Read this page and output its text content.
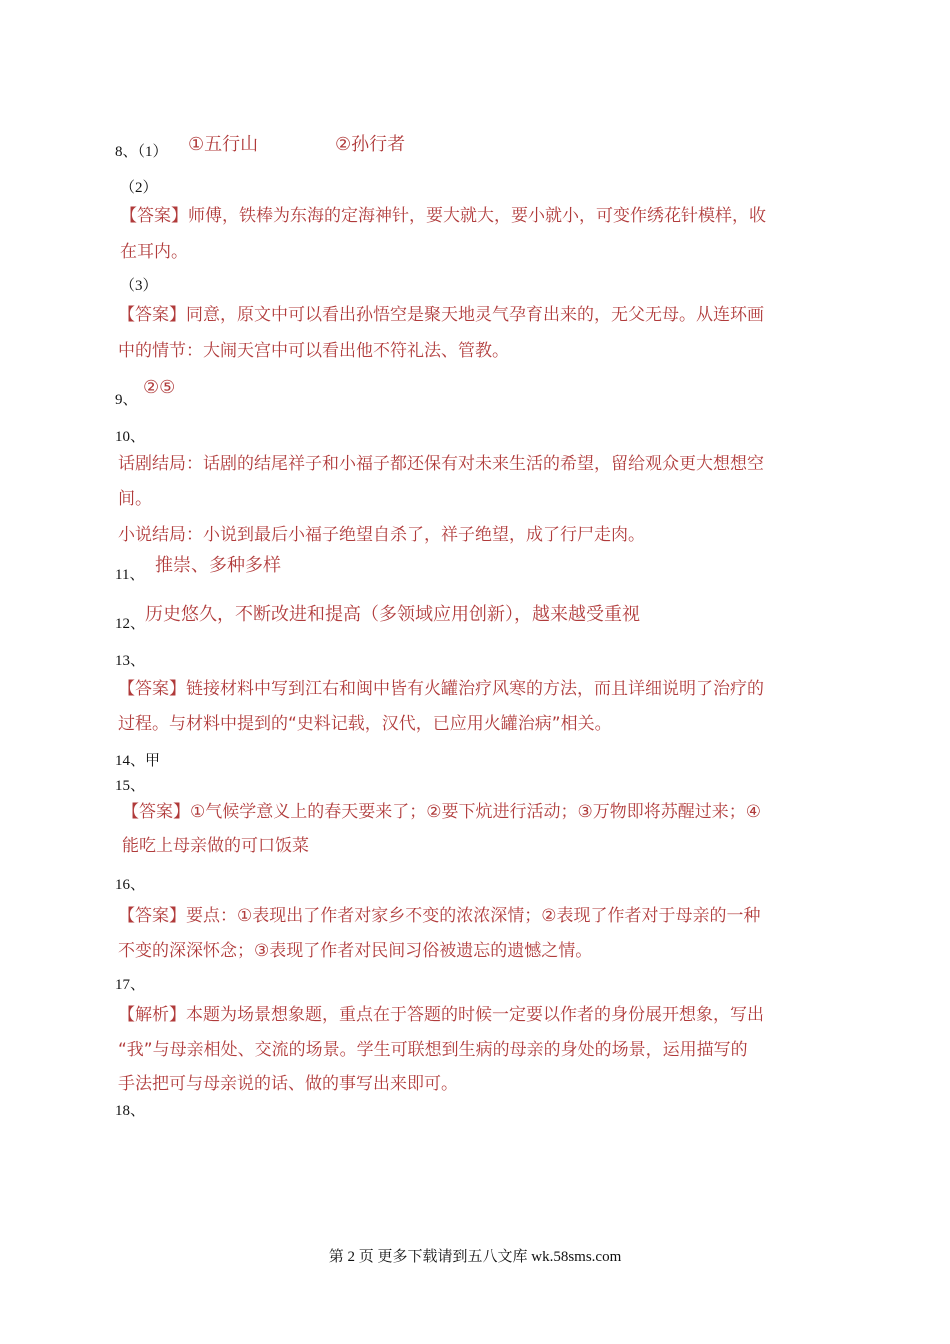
8、（1） ①五行山	②孙行者
（2）
【答案】师傅，铁棒为东海的定海神针，要大就大，要小就小，可变作绣花针模样，收
在耳内。
（3）
【答案】同意，原文中可以看出孙悟空是聚天地灵气孕育出来的，无父无母。从连环画
中的情节：大闹天宫中可以看出他不符礼法、管教。
9、
②⑤
10、
话剧结局：话剧的结尾祥子和小福子都还保有对未来生活的希望，留给观众更大想想空
间。
小说结局：小说到最后小福子绝望自杀了，祥子绝望，成了行尸走肉。
11、 推崇、多种多样
12、 历史悠久，不断改进和提高（多领域应用创新），越来越受重视
13、
【答案】链接材料中写到江右和闽中皆有火罐治疗风寒的方法，而且详细说明了治疗的
过程。与材料中提到的“史料记载，汉代，已应用火罐治病”相关。
14、甲
15、
【答案】①气候学意义上的春天要来了；②要下炕进行活动；③万物即将苏醒过来；④
能吃上母亲做的可口饭菜
16、
【答案】要点：①表现出了作者对家乡不变的浓浓深情；②表现了作者对于母亲的一种
不变的深深怀念；③表现了作者对民间习俗被遗忘的遗憾之情。
17、
【解析】本题为场景想象题，重点在于答题的时候一定要以作者的身份展开想象，写出
“我”与母亲相处、交流的场景。学生可联想到生病的母亲的身处的场景，运用描写的
手法把可与母亲说的话、做的事写出来即可。
18、
第 2 页 更多下载请到五八文库 wk.58sms.com
